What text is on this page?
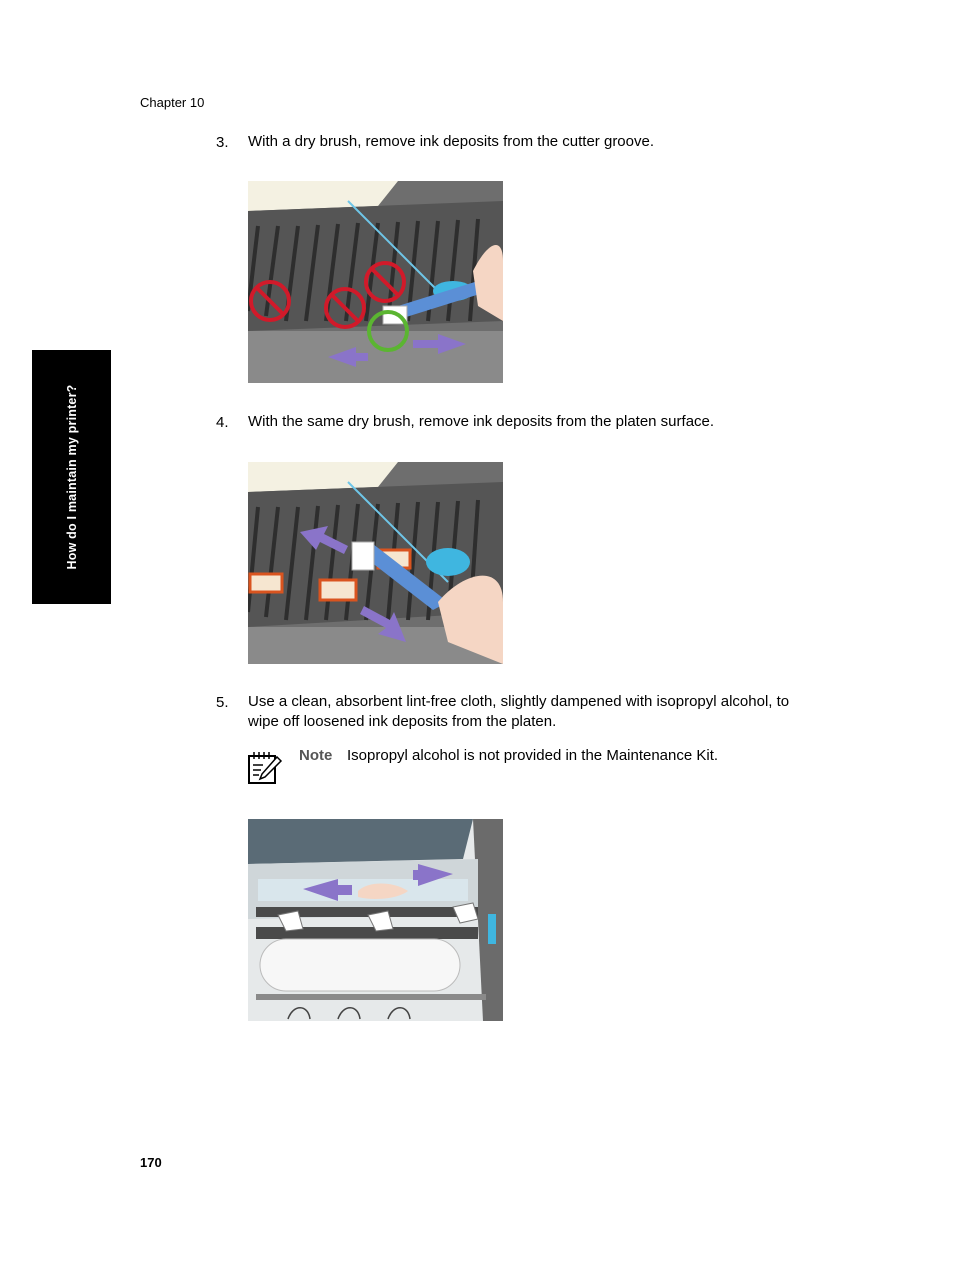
Chapter 10
How do I maintain my printer?
3. With a dry brush, remove ink deposits from the cutter groove.
4. With the same dry brush, remove ink deposits from the platen surface.
5. Use a clean, absorbent lint-free cloth, slightly dampened with isopropyl alcohol, to
wipe off loosened ink deposits from the platen.
Note Isopropyl alcohol is not provided in the Maintenance Kit.
170
